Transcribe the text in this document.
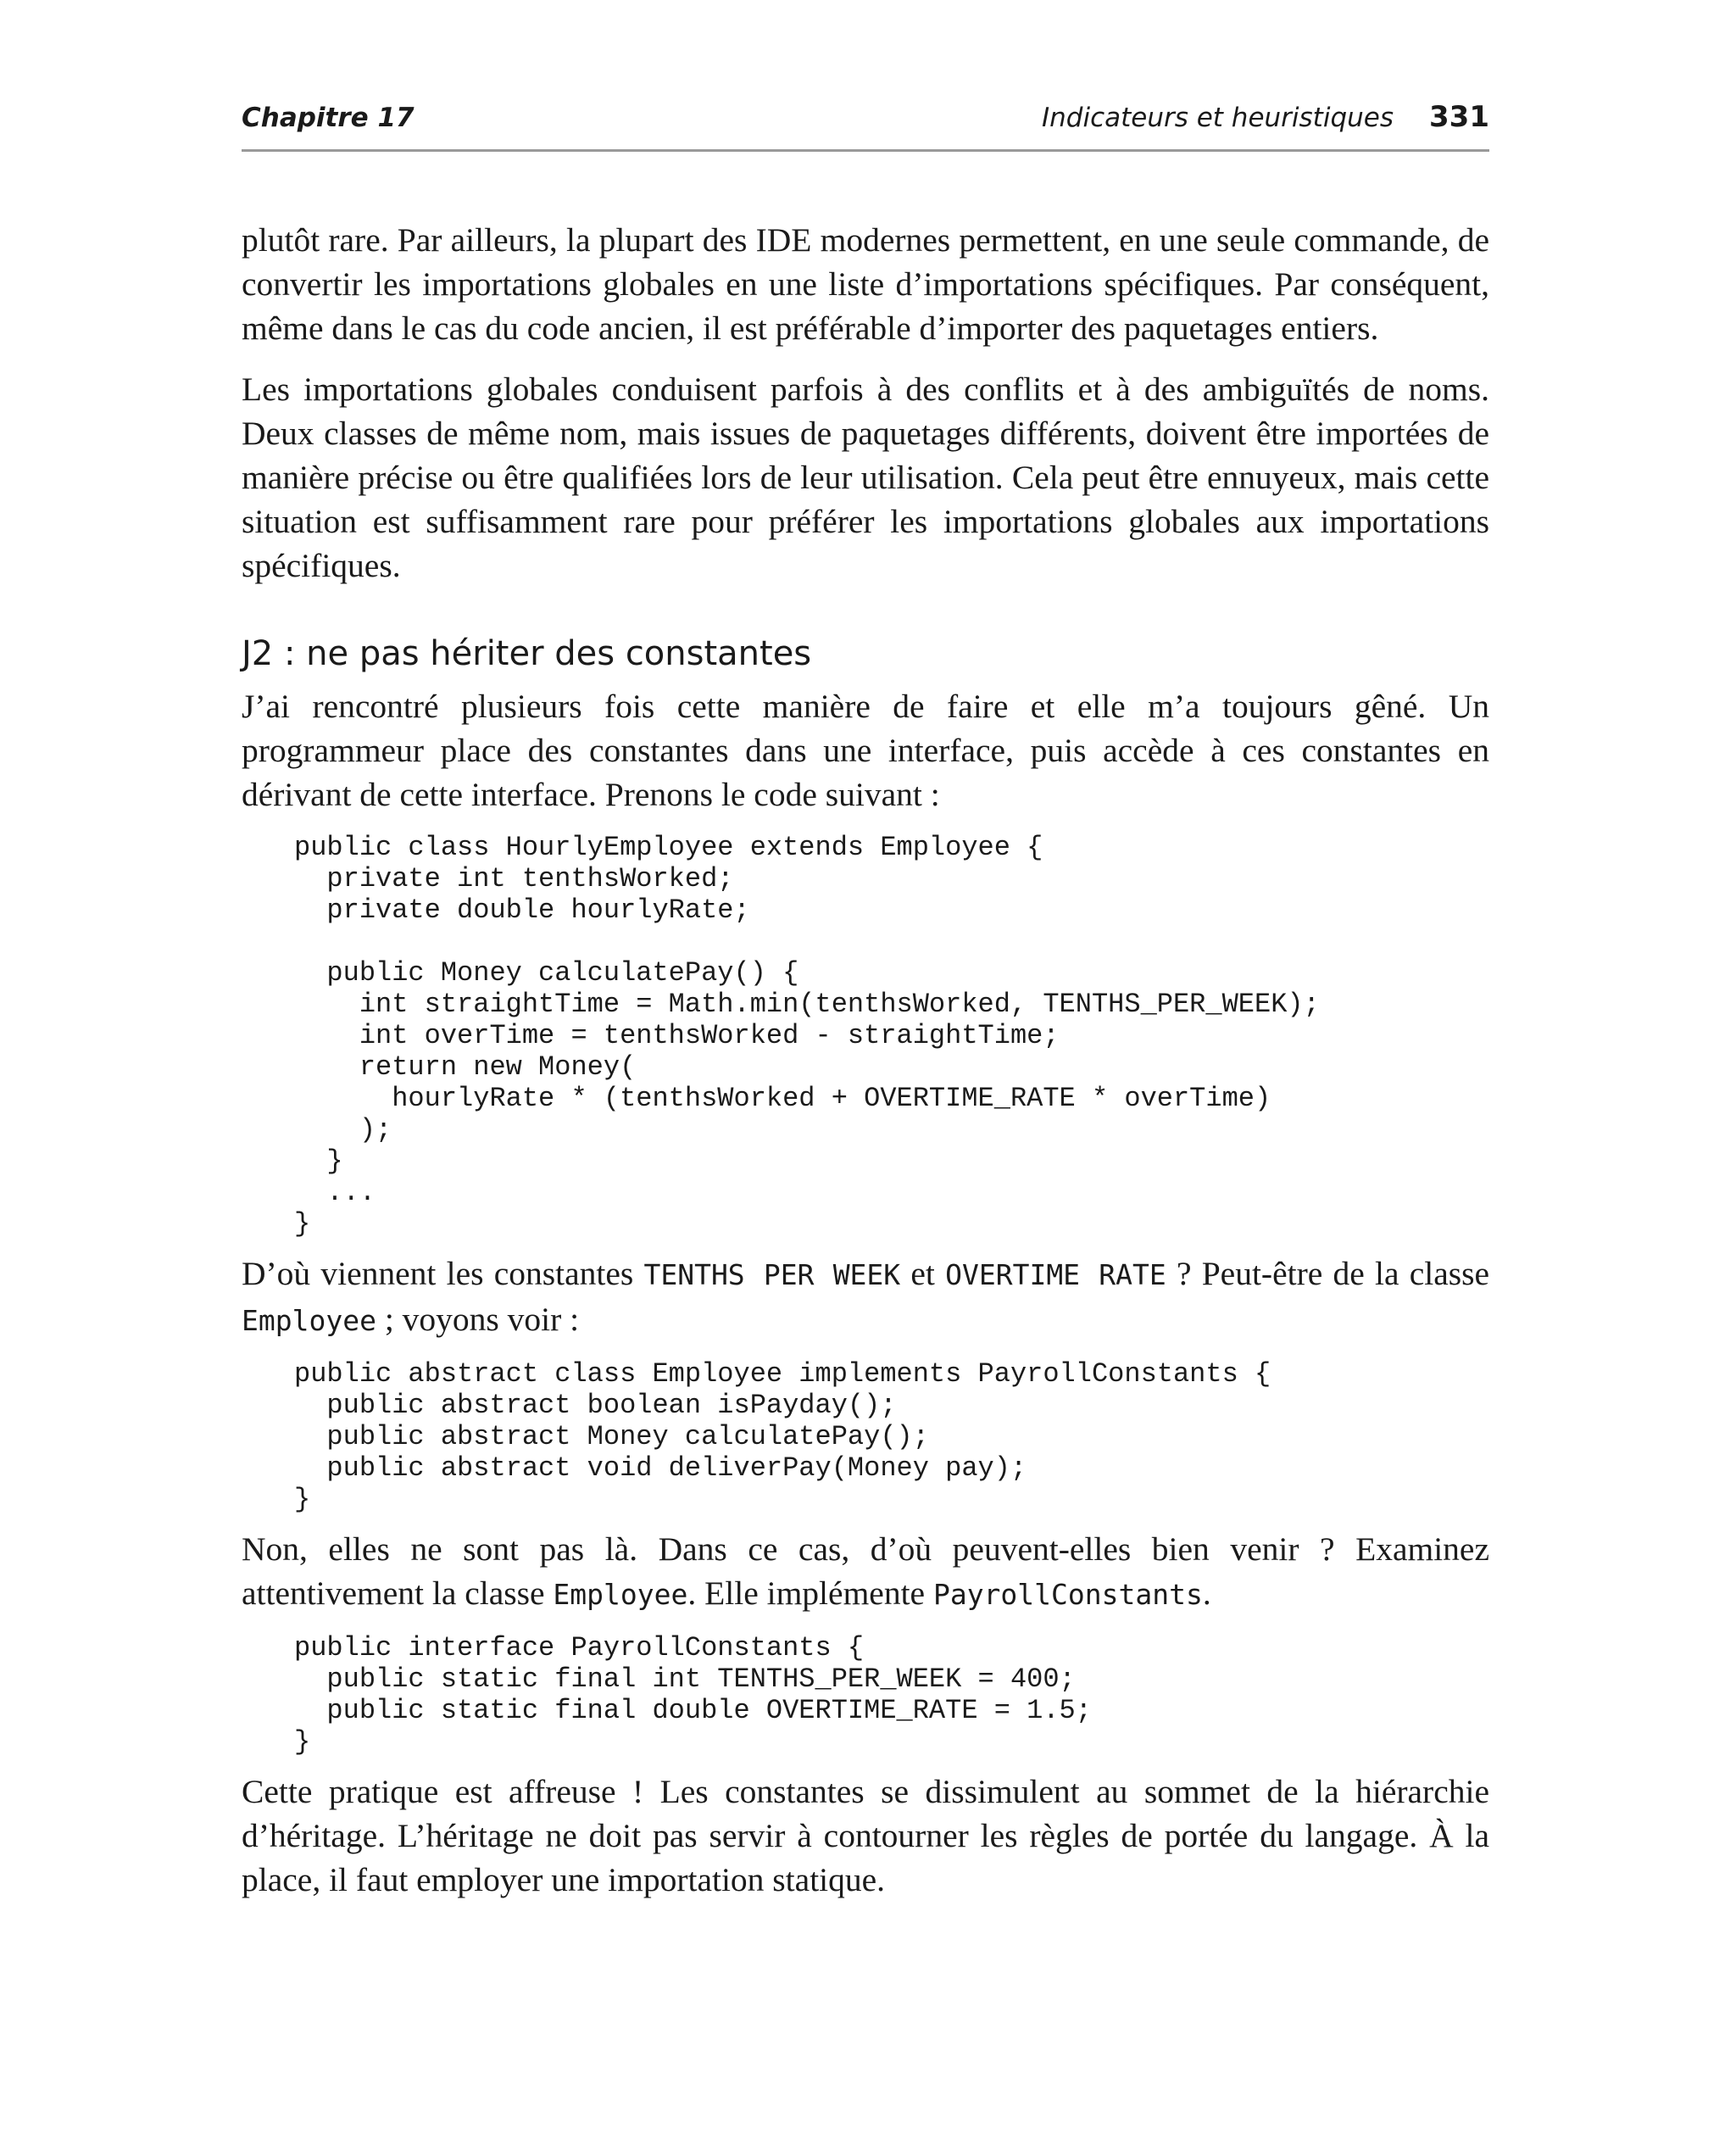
Chapitre 17	Indicateurs et heuristiques 331

plutôt rare. Par ailleurs, la plupart des IDE modernes permettent, en une seule commande, de convertir les importations globales en une liste d’importations spécifiques. Par conséquent, même dans le cas du code ancien, il est préférable d’importer des paquetages entiers.

Les importations globales conduisent parfois à des conflits et à des ambiguïtés de noms. Deux classes de même nom, mais issues de paquetages différents, doivent être importées de manière précise ou être qualifiées lors de leur utilisation. Cela peut être ennuyeux, mais cette situation est suffisamment rare pour préférer les importations globales aux importations spécifiques.

J2 : ne pas hériter des constantes

J’ai rencontré plusieurs fois cette manière de faire et elle m’a toujours gêné. Un programmeur place des constantes dans une interface, puis accède à ces constantes en dérivant de cette interface. Prenons le code suivant :

public class HourlyEmployee extends Employee {
private int tenthsWorked;
private double hourlyRate;

public Money calculatePay() {
int straightTime = Math.min(tenthsWorked, TENTHS_PER_WEEK);
int overTime = tenthsWorked - straightTime;
return new Money(
hourlyRate * (tenthsWorked + OVERTIME_RATE * overTime)
);
}
...
}

D’où viennent les constantes TENTHS PER WEEK et OVERTIME RATE ? Peut-être de la classe Employee ; voyons voir :

public abstract class Employee implements PayrollConstants {
public abstract boolean isPayday();
public abstract Money calculatePay();
public abstract void deliverPay(Money pay);
}

Non, elles ne sont pas là. Dans ce cas, d’où peuvent-elles bien venir ? Examinez attentivement la classe Employee. Elle implémente PayrollConstants.

public interface PayrollConstants {
public static final int TENTHS_PER_WEEK = 400;
public static final double OVERTIME_RATE = 1.5;
}

Cette pratique est affreuse ! Les constantes se dissimulent au sommet de la hiérarchie d’héritage. L’héritage ne doit pas servir à contourner les règles de portée du langage. À la place, il faut employer une importation statique.
